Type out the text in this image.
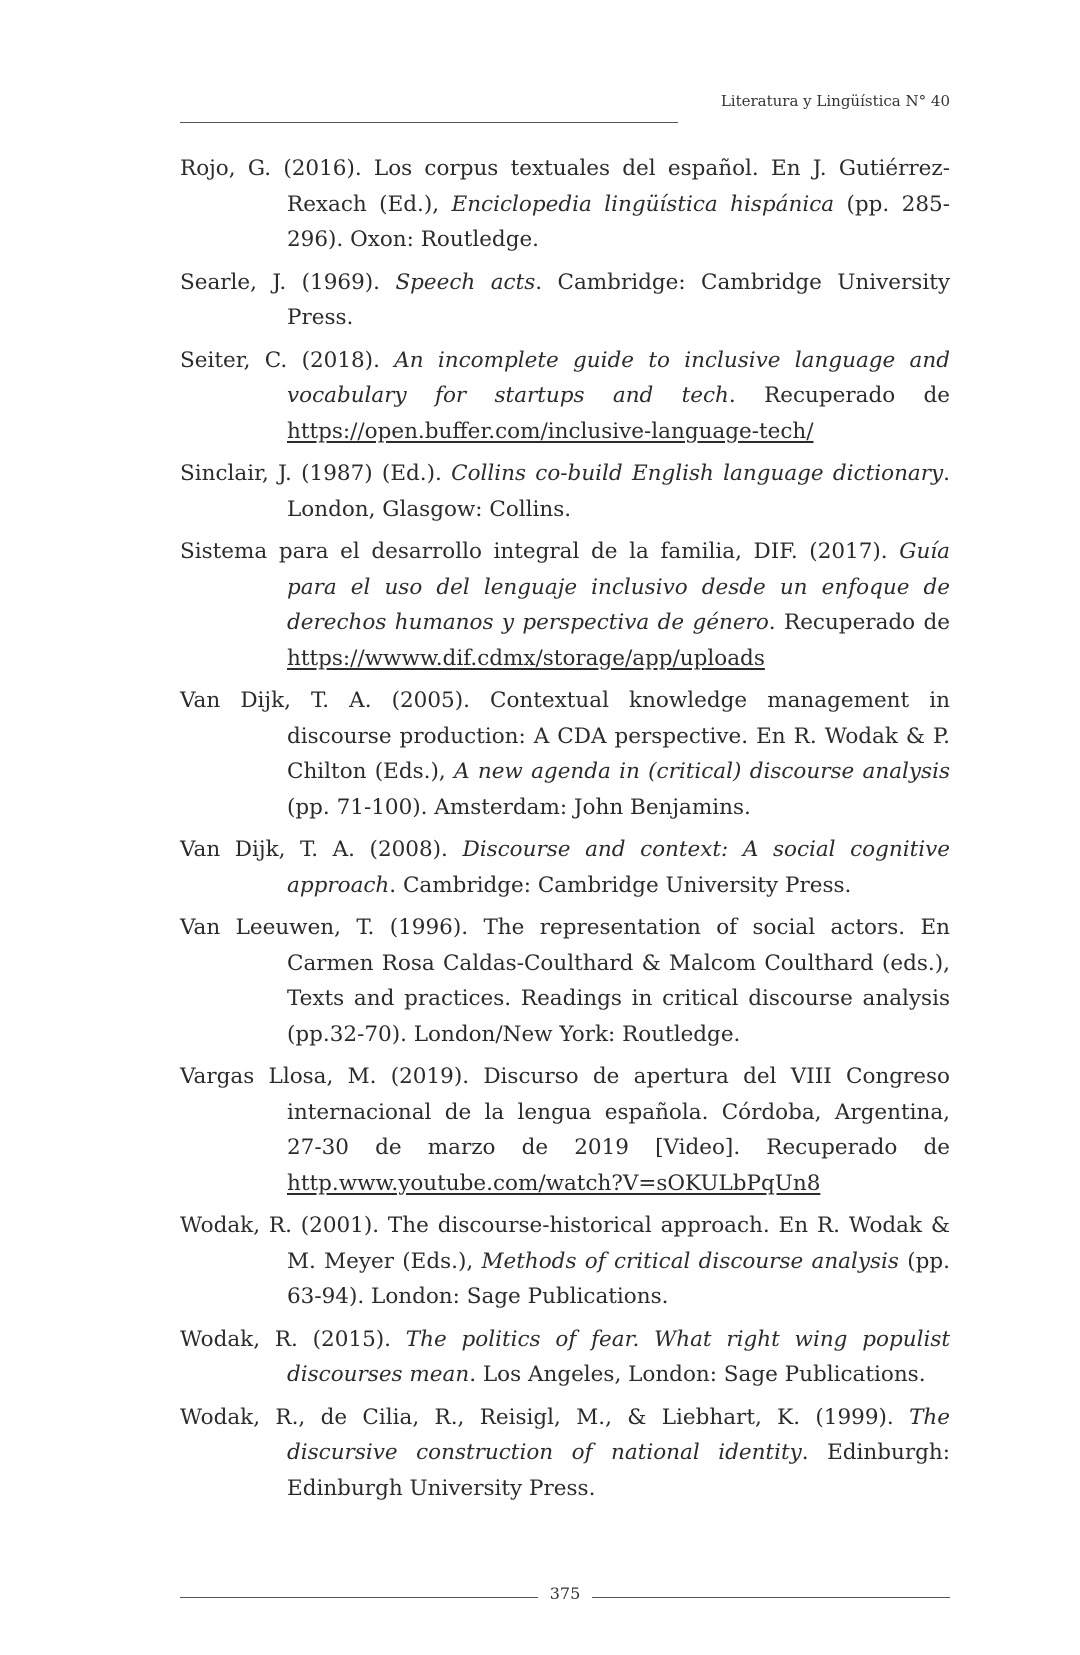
Literatura y Lingüística N° 40

Rojo, G. (2016). Los corpus textuales del español. En J. Gutiérrez-Rexach (Ed.), Enciclopedia lingüística hispánica (pp. 285-296). Oxon: Routledge.

Searle, J. (1969). Speech acts. Cambridge: Cambridge University Press.

Seiter, C. (2018). An incomplete guide to inclusive language and vocabulary for startups and tech. Recuperado de https://open.buffer.com/inclusive-language-tech/

Sinclair, J. (1987) (Ed.). Collins co-build English language dictionary. London, Glasgow: Collins.

Sistema para el desarrollo integral de la familia, DIF. (2017). Guía para el uso del lenguaje inclusivo desde un enfoque de derechos humanos y perspectiva de género. Recuperado de https://wwww.dif.cdmx/storage/app/uploads

Van Dijk, T. A. (2005). Contextual knowledge management in discourse production: A CDA perspective. En R. Wodak & P. Chilton (Eds.), A new agenda in (critical) discourse analysis (pp. 71-100). Amsterdam: John Benjamins.

Van Dijk, T. A. (2008). Discourse and context: A social cognitive approach. Cambridge: Cambridge University Press.

Van Leeuwen, T. (1996). The representation of social actors. En Carmen Rosa Caldas-Coulthard & Malcom Coulthard (eds.), Texts and practices. Readings in critical discourse analysis (pp.32-70). London/New York: Routledge.

Vargas Llosa, M. (2019). Discurso de apertura del VIII Congreso internacional de la lengua española. Córdoba, Argentina, 27-30 de marzo de 2019 [Video]. Recuperado de http.www.youtube.com/watch?V=sOKULbPqUn8

Wodak, R. (2001). The discourse-historical approach. En R. Wodak & M. Meyer (Eds.), Methods of critical discourse analysis (pp. 63-94). London: Sage Publications.

Wodak, R. (2015). The politics of fear. What right wing populist discourses mean. Los Angeles, London: Sage Publications.

Wodak, R., de Cilia, R., Reisigl, M., & Liebhart, K. (1999). The discursive construction of national identity. Edinburgh: Edinburgh University Press.

375
